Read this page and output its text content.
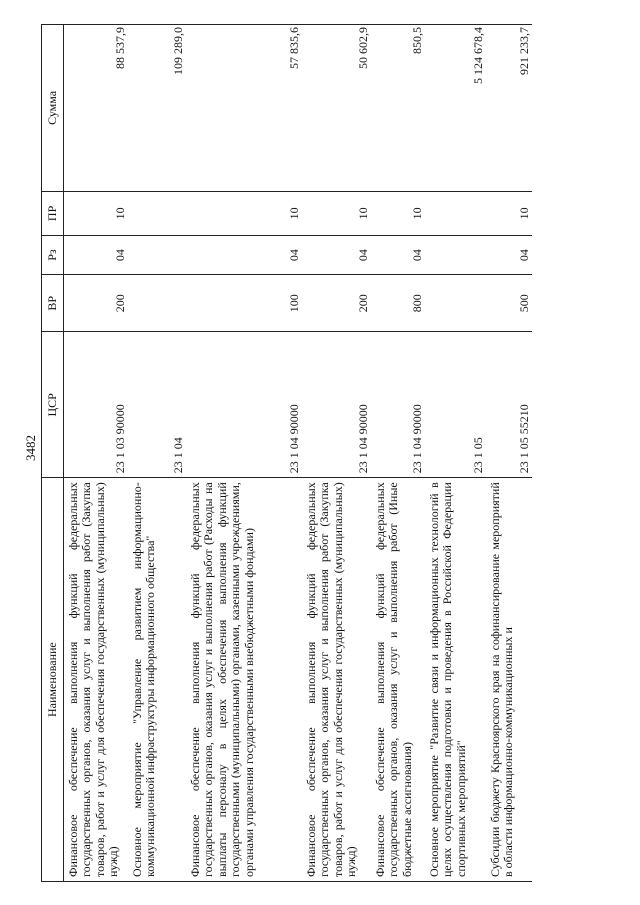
3482
Наименование	ЦСР	ВР	Рз	ПР	Сумма
Финансовое обеспечение выполнения функций федеральных государственных органов, оказания услуг и выполнения работ (Закупка товаров, работ и услуг для обеспечения государственных (муниципальных) нужд)	23 1 03 90000	200	04	10	88 537,9
Основное мероприятие "Управление развитием информационно-коммуникационной инфраструктуры информационного общества"	23 1 04				109 289,0
Финансовое обеспечение выполнения функций федеральных государственных органов, оказания услуг и выполнения работ (Расходы на выплаты персоналу в целях обеспечения выполнения функций государственными (муниципальными) органами, казенными учреждениями, органами управления государственными внебюджетными фондами)	23 1 04 90000	100	04	10	57 835,6
Финансовое обеспечение выполнения функций федеральных государственных органов, оказания услуг и выполнения работ (Закупка товаров, работ и услуг для обеспечения государственных (муниципальных) нужд)	23 1 04 90000	200	04	10	50 602,9
Финансовое обеспечение выполнения функций федеральных государственных органов, оказания услуг и выполнения работ (Иные бюджетные ассигнования)	23 1 04 90000	800	04	10	850,5
Основное мероприятие "Развитие связи и информационных технологий в целях осуществления подготовки и проведения в Российской Федерации спортивных мероприятий"	23 1 05				5 124 678,4
Субсидии бюджету Красноярского края на софинансирование мероприятий в области информационно-коммуникационных и	23 1 05 55210	500	04	10	921 233,7
